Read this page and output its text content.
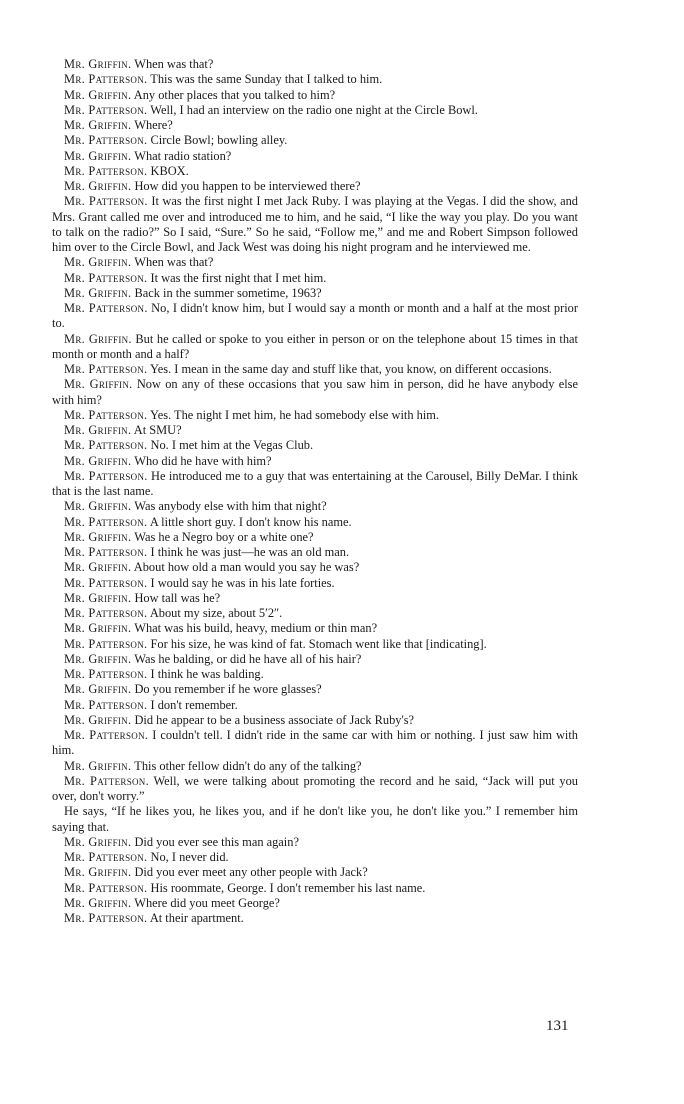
Mr. Griffin. When was that?

Mr. Patterson. This was the same Sunday that I talked to him.

Mr. Griffin. Any other places that you talked to him?

Mr. Patterson. Well, I had an interview on the radio one night at the Circle Bowl.

Mr. Griffin. Where?

Mr. Patterson. Circle Bowl; bowling alley.

Mr. Griffin. What radio station?

Mr. Patterson. KBOX.

Mr. Griffin. How did you happen to be interviewed there?

Mr. Patterson. It was the first night I met Jack Ruby. I was playing at the Vegas. I did the show, and Mrs. Grant called me over and introduced me to him, and he said, “I like the way you play. Do you want to talk on the radio?” So I said, “Sure.” So he said, “Follow me,” and me and Robert Simpson followed him over to the Circle Bowl, and Jack West was doing his night program and he interviewed me.

Mr. Griffin. When was that?

Mr. Patterson. It was the first night that I met him.

Mr. Griffin. Back in the summer sometime, 1963?

Mr. Patterson. No, I didn't know him, but I would say a month or month and a half at the most prior to.

Mr. Griffin. But he called or spoke to you either in person or on the telephone about 15 times in that month or month and a half?

Mr. Patterson. Yes. I mean in the same day and stuff like that, you know, on different occasions.

Mr. Griffin. Now on any of these occasions that you saw him in person, did he have anybody else with him?

Mr. Patterson. Yes. The night I met him, he had somebody else with him.

Mr. Griffin. At SMU?

Mr. Patterson. No. I met him at the Vegas Club.

Mr. Griffin. Who did he have with him?

Mr. Patterson. He introduced me to a guy that was entertaining at the Carousel, Billy DeMar. I think that is the last name.

Mr. Griffin. Was anybody else with him that night?

Mr. Patterson. A little short guy. I don't know his name.

Mr. Griffin. Was he a Negro boy or a white one?

Mr. Patterson. I think he was just—he was an old man.

Mr. Griffin. About how old a man would you say he was?

Mr. Patterson. I would say he was in his late forties.

Mr. Griffin. How tall was he?

Mr. Patterson. About my size, about 5′2″.

Mr. Griffin. What was his build, heavy, medium or thin man?

Mr. Patterson. For his size, he was kind of fat. Stomach went like that [indicating].

Mr. Griffin. Was he balding, or did he have all of his hair?

Mr. Patterson. I think he was balding.

Mr. Griffin. Do you remember if he wore glasses?

Mr. Patterson. I don't remember.

Mr. Griffin. Did he appear to be a business associate of Jack Ruby's?

Mr. Patterson. I couldn't tell. I didn't ride in the same car with him or nothing. I just saw him with him.

Mr. Griffin. This other fellow didn't do any of the talking?

Mr. Patterson. Well, we were talking about promoting the record and he said, “Jack will put you over, don't worry.”

He says, “If he likes you, he likes you, and if he don't like you, he don't like you.” I remember him saying that.

Mr. Griffin. Did you ever see this man again?

Mr. Patterson. No, I never did.

Mr. Griffin. Did you ever meet any other people with Jack?

Mr. Patterson. His roommate, George. I don't remember his last name.

Mr. Griffin. Where did you meet George?

Mr. Patterson. At their apartment.

131
